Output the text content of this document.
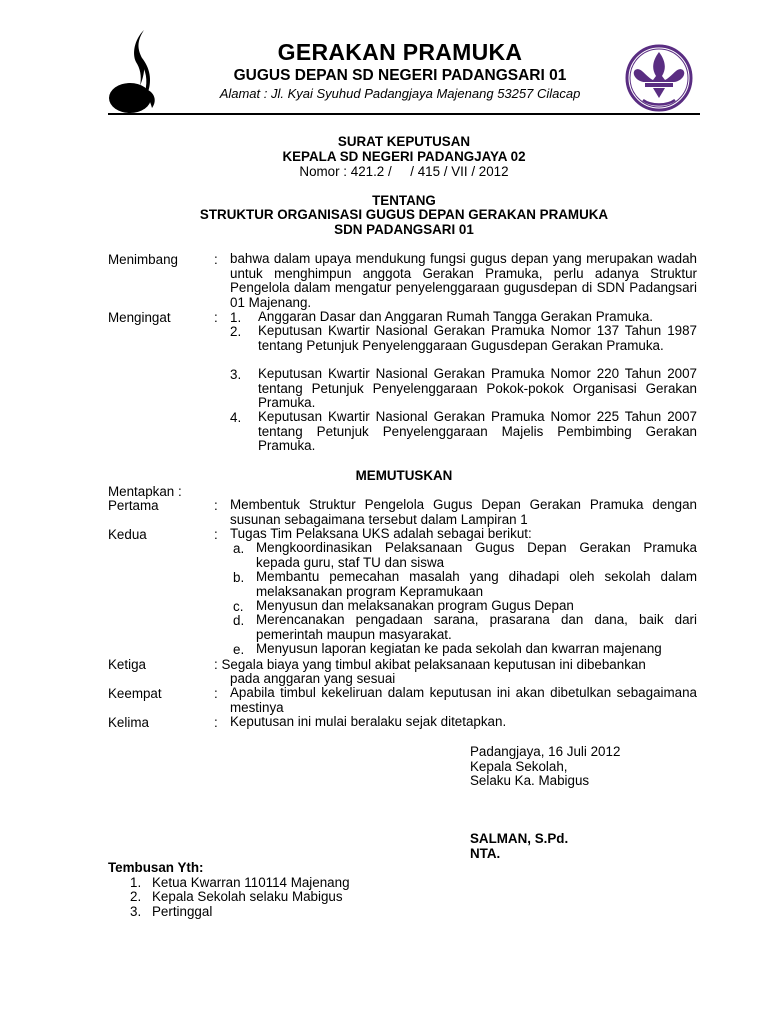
GERAKAN PRAMUKA
GUGUS DEPAN SD NEGERI PADANGSARI 01
Alamat : Jl. Kyai Syuhud Padangjaya Majenang 53257 Cilacap
SURAT KEPUTUSAN
KEPALA SD NEGERI PADANGJAYA 02
Nomor : 421.2 /     / 415 / VII / 2012
TENTANG
STRUKTUR ORGANISASI GUGUS DEPAN GERAKAN PRAMUKA
SDN PADANGSARI 01
Menimbang	: bahwa dalam upaya mendukung fungsi gugus depan yang merupakan wadah untuk menghimpun anggota Gerakan Pramuka, perlu adanya Struktur Pengelola dalam mengatur penyelenggaraan gugusdepan di SDN Padangsari 01 Majenang.
Mengingat	: 1.	Anggaran Dasar dan Anggaran Rumah Tangga Gerakan Pramuka.
2.	Keputusan Kwartir Nasional Gerakan Pramuka Nomor 137 Tahun 1987 tentang Petunjuk Penyelenggaraan Gugusdepan Gerakan Pramuka.
3.	Keputusan Kwartir Nasional Gerakan Pramuka Nomor 220 Tahun 2007 tentang Petunjuk Penyelenggaraan Pokok-pokok Organisasi Gerakan Pramuka.
4.	Keputusan Kwartir Nasional Gerakan Pramuka Nomor 225 Tahun 2007 tentang Petunjuk Penyelenggaraan Majelis Pembimbing Gerakan Pramuka.
MEMUTUSKAN
Mentapkan :
Pertama	: Membentuk Struktur Pengelola Gugus Depan Gerakan Pramuka dengan susunan sebagaimana tersebut dalam Lampiran 1
Kedua	: Tugas Tim Pelaksana UKS adalah sebagai berikut:
a. Mengkoordinasikan Pelaksanaan Gugus Depan Gerakan Pramuka kepada guru, staf TU dan siswa
b. Membantu pemecahan masalah yang dihadapi oleh sekolah dalam melaksanakan program Kepramukaan
c. Menyusun dan melaksanakan program Gugus Depan
d. Merencanakan pengadaan sarana, prasarana dan dana, baik dari pemerintah maupun masyarakat.
e. Menyusun laporan kegiatan ke pada sekolah dan kwarran majenang
Ketiga	: Segala biaya yang timbul akibat pelaksanaan keputusan ini dibebankan
pada anggaran yang sesuai
Keempat	: Apabila timbul kekeliruan dalam keputusan ini akan dibetulkan sebagaimana mestinya
Kelima	: Keputusan ini mulai beralaku sejak ditetapkan.
Padangjaya, 16 Juli 2012
Kepala Sekolah,
Selaku Ka. Mabigus
SALMAN, S.Pd.
NTA.
Tembusan Yth:
1. Ketua Kwarran 110114 Majenang
2. Kepala Sekolah selaku Mabigus
3. Pertinggal
